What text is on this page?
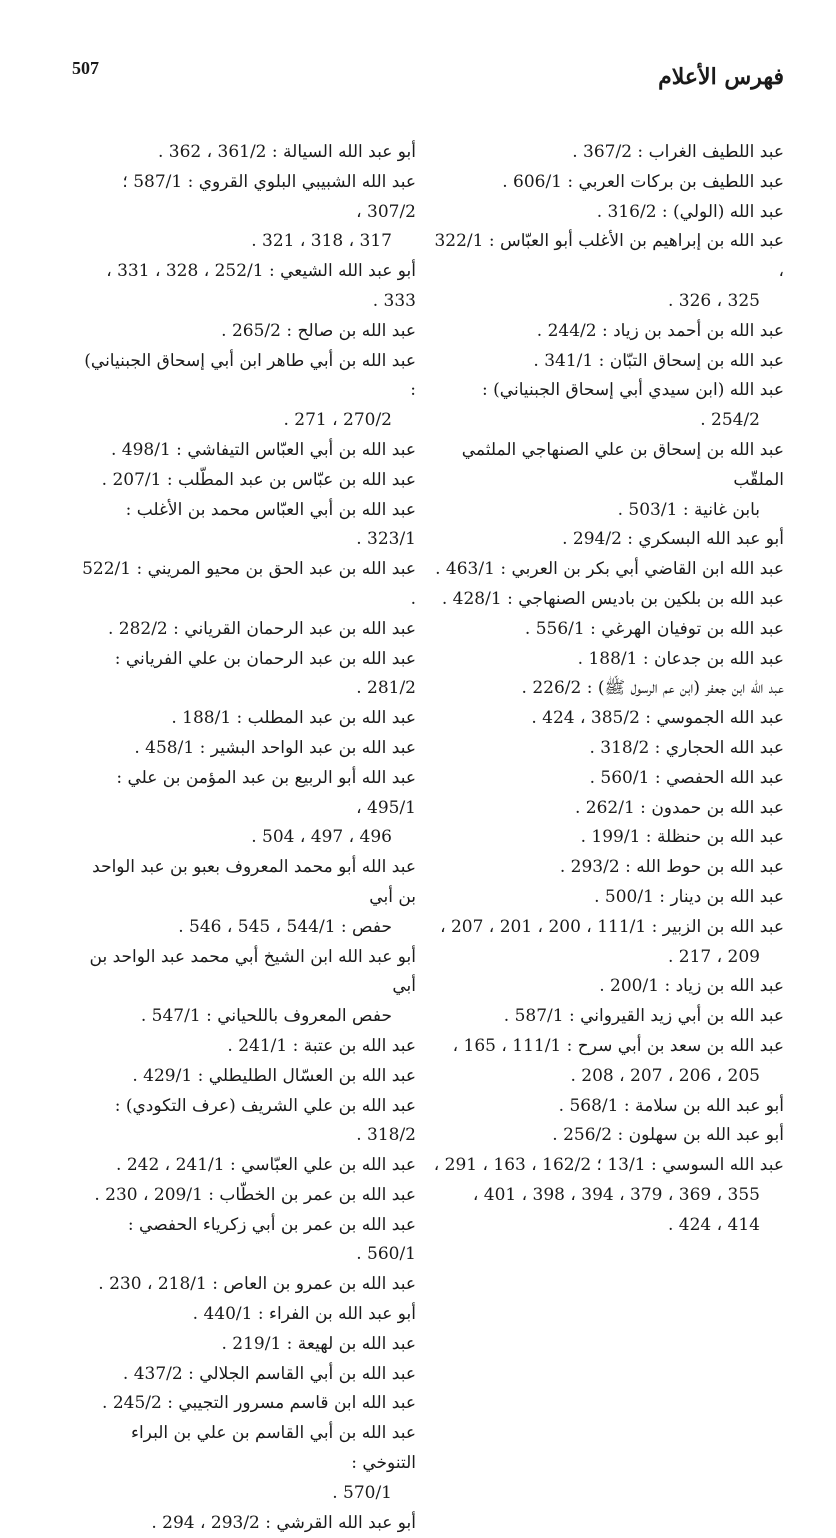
فهرس الأعلام
507
عبد اللطيف الغراب : 367/2 .
عبد اللطيف بن بركات العربي : 606/1 .
عبد الله (الولي) : 316/2 .
عبد الله بن إبراهيم بن الأغلب أبو العبّاس : 322/1 ،
325 ، 326 .
عبد الله بن أحمد بن زياد : 244/2 .
عبد الله بن إسحاق التبّان : 341/1 .
عبد الله (ابن سيدي أبي إسحاق الجبنياني) :
254/2 .
عبد الله بن إسحاق بن علي الصنهاجي الملثمي الملقّب
بابن غانية : 503/1 .
أبو عبد الله البسكري : 294/2 .
عبد الله ابن القاضي أبي بكر بن العربي : 463/1 .
عبد الله بن بلكين بن باديس الصنهاجي : 428/1 .
عبد الله بن توفيان الهرغي : 556/1 .
عبد الله بن جدعان : 188/1 .
عبد الله ابن جعفر (ابن عم الرسول ﷺ) : 226/2 .
عبد الله الجموسي : 385/2 ، 424 .
عبد الله الحجاري : 318/2 .
عبد الله الحفصي : 560/1 .
عبد الله بن حمدون : 262/1 .
عبد الله بن حنظلة : 199/1 .
عبد الله بن حوط الله : 293/2 .
عبد الله بن دينار : 500/1 .
عبد الله بن الزبير : 111/1 ، 200 ، 201 ، 207 ،
209 ، 217 .
عبد الله بن زياد : 200/1 .
عبد الله بن أبي زيد القيرواني : 587/1 .
عبد الله بن سعد بن أبي سرح : 111/1 ، 165 ،
205 ، 206 ، 207 ، 208 .
أبو عبد الله بن سلامة : 568/1 .
أبو عبد الله بن سهلون : 256/2 .
عبد الله السوسي : 13/1 ؛ 162/2 ، 163 ، 291 ،
355 ، 369 ، 379 ، 394 ، 398 ، 401 ،
414 ، 424 .
أبو عبد الله السيالة : 361/2 ، 362 .
عبد الله الشبيبي البلوي القروي : 587/1 ؛ 307/2 ،
317 ، 318 ، 321 .
أبو عبد الله الشيعي : 252/1 ، 328 ، 331 ، 333 .
عبد الله بن صالح : 265/2 .
عبد الله بن أبي طاهر ابن أبي إسحاق الجبنياني) :
270/2 ، 271 .
عبد الله بن أبي العبّاس التيفاشي : 498/1 .
عبد الله بن عبّاس بن عبد المطّلب : 207/1 .
عبد الله بن أبي العبّاس محمد بن الأغلب : 323/1 .
عبد الله بن عبد الحق بن محيو المريني : 522/1 .
عبد الله بن عبد الرحمان القرياني : 282/2 .
عبد الله بن عبد الرحمان بن علي الفرياني : 281/2 .
عبد الله بن عبد المطلب : 188/1 .
عبد الله بن عبد الواحد البشير : 458/1 .
عبد الله أبو الربيع بن عبد المؤمن بن علي : 495/1 ،
496 ، 497 ، 504 .
عبد الله أبو محمد المعروف بعبو بن عبد الواحد بن أبي
حفص : 544/1 ، 545 ، 546 .
أبو عبد الله ابن الشيخ أبي محمد عبد الواحد بن أبي
حفص المعروف باللحياني : 547/1 .
عبد الله بن عتبة : 241/1 .
عبد الله بن العسّال الطليطلي : 429/1 .
عبد الله بن علي الشريف (عرف التكودي) : 318/2 .
عبد الله بن علي العبّاسي : 241/1 ، 242 .
عبد الله بن عمر بن الخطّاب : 209/1 ، 230 .
عبد الله بن عمر بن أبي زكرياء الحفصي : 560/1 .
عبد الله بن عمرو بن العاص : 218/1 ، 230 .
أبو عبد الله بن الفراء : 440/1 .
عبد الله بن لهيعة : 219/1 .
عبد الله بن أبي القاسم الجلالي : 437/2 .
عبد الله ابن قاسم مسرور التجيبي : 245/2 .
عبد الله بن أبي القاسم بن علي بن البراء التنوخي :
570/1 .
أبو عبد الله القرشي : 293/2 ، 294 .
